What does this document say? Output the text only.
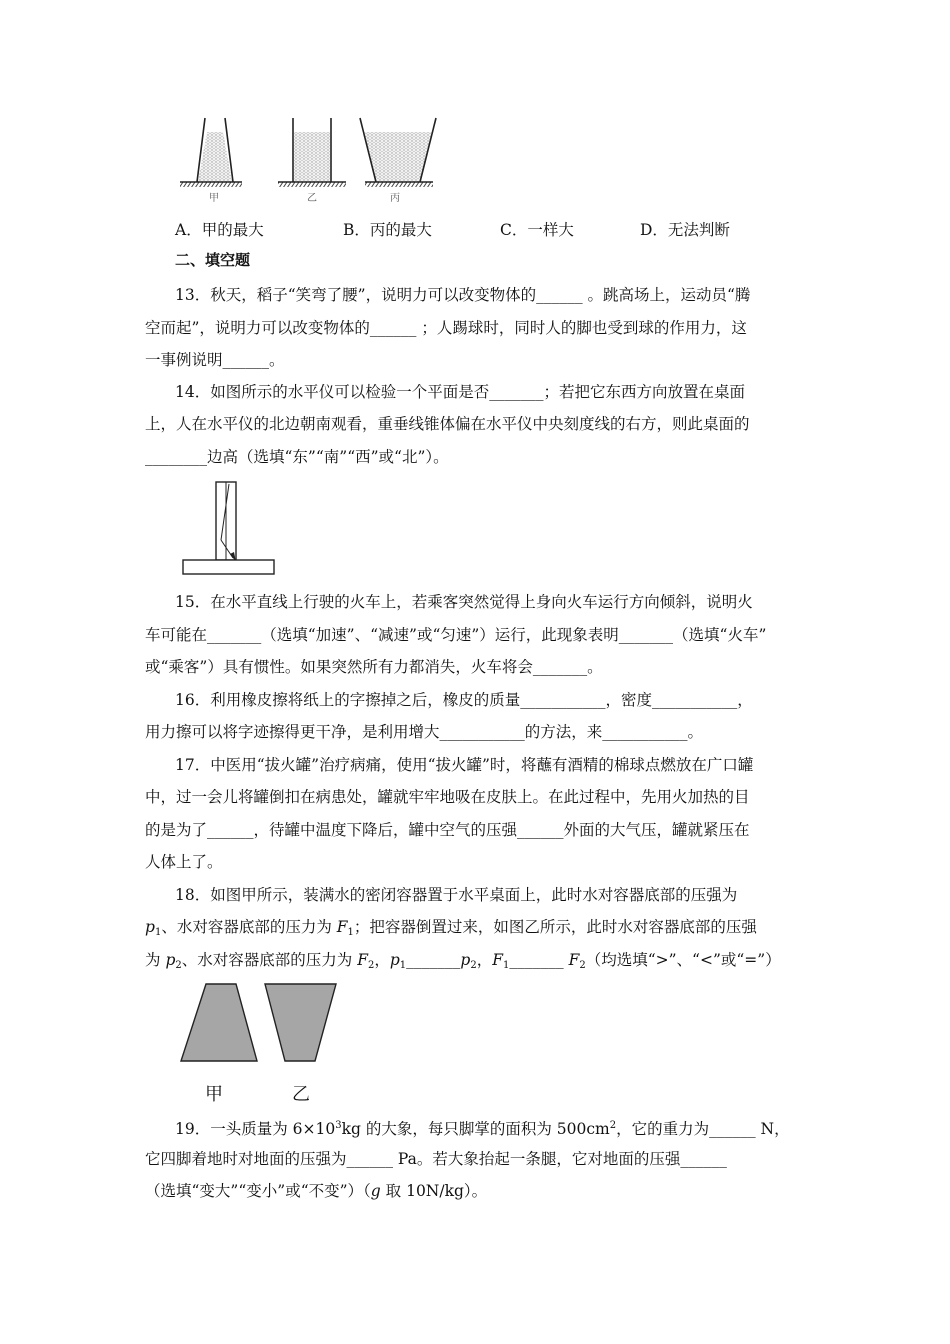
甲	乙	丙
A．甲的最大	B．丙的最大	C．一样大	D．无法判断
二、填空题
13．秋天，稻子“笑弯了腰”，说明力可以改变物体的______ 。跳高场上，运动员“腾
空而起”，说明力可以改变物体的______ ；人踢球时，同时人的脚也受到球的作用力，这
一事例说明______。
14．如图所示的水平仪可以检验一个平面是否_______；若把它东西方向放置在桌面
上，人在水平仪的北边朝南观看，重垂线锥体偏在水平仪中央刻度线的右方，则此桌面的
________边高（选填“东”“南”“西”或“北”）。
15．在水平直线上行驶的火车上，若乘客突然觉得上身向火车运行方向倾斜，说明火
车可能在_______（选填“加速”、“减速”或“匀速”）运行，此现象表明_______（选填“火车”
或“乘客”）具有惯性。如果突然所有力都消失，火车将会_______。
16．利用橡皮擦将纸上的字擦掉之后，橡皮的质量___________，密度___________，
用力擦可以将字迹擦得更干净，是利用增大___________的方法，来___________。
17．中医用“拔火罐”治疗病痛，使用“拔火罐”时，将蘸有酒精的棉球点燃放在广口罐
中，过一会儿将罐倒扣在病患处，罐就牢牢地吸在皮肤上。在此过程中，先用火加热的目
的是为了______，待罐中温度下降后，罐中空气的压强______外面的大气压，罐就紧压在
人体上了。
18．如图甲所示，装满水的密闭容器置于水平桌面上，此时水对容器底部的压强为
$p_1$、水对容器底部的压力为 $F_1$；把容器倒置过来，如图乙所示，此时水对容器底部的压强
为 $p_2$、水对容器底部的压力为 $F_2$，$p_1\_\_\_\_\_\_\_p_2$，$F_1\_\_\_\_\_\_\_$ $F_2$（均选填“>”、“<”或“=”）
甲	乙
19．一头质量为 $6\times 10^3kg$ 的大象，每只脚掌的面积为 $500cm^2$，它的重力为______ N，
它四脚着地时对地面的压强为______ Pa。若大象抬起一条腿，它对地面的压强______
（选填“变大”“变小”或“不变”）（g 取 10N/kg）。
